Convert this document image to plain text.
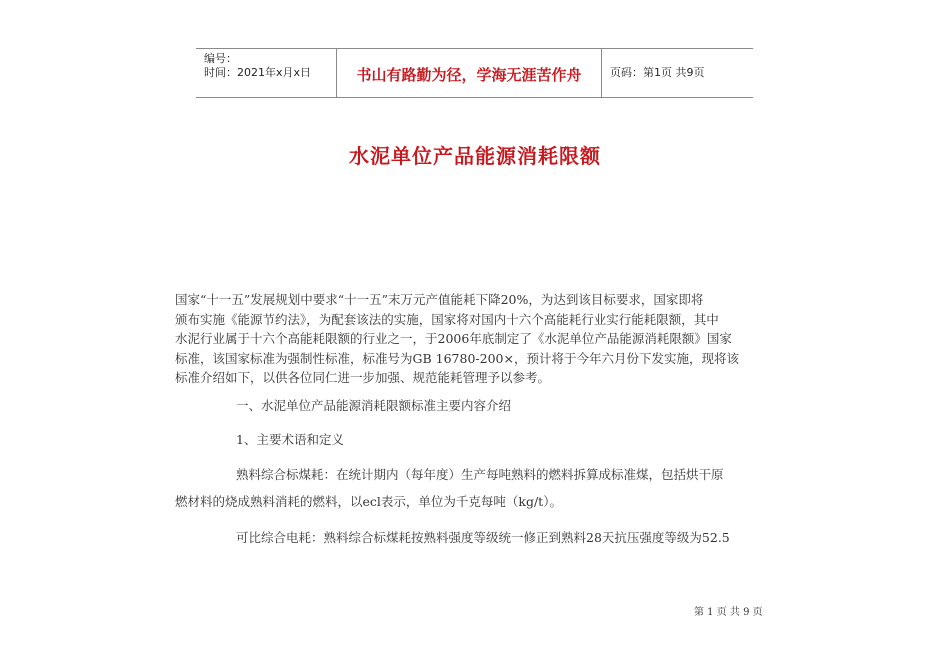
编号：
时间：2021年x月x日	书山有路勤为径，学海无涯苦作舟	页码：第1页 共9页
水泥单位产品能源消耗限额
国家“十一五”发展规划中要求“十一五”末万元产值能耗下降20%，为达到该目标要求，国家即将
颁布实施《能源节约法》，为配套该法的实施，国家将对国内十六个高能耗行业实行能耗限额，其中
水泥行业属于十六个高能耗限额的行业之一，于2006年底制定了《水泥单位产品能源消耗限额》国家
标准，该国家标准为强制性标准，标准号为GB 16780-200×，预计将于今年六月份下发实施，现将该
标准介绍如下，以供各位同仁进一步加强、规范能耗管理予以参考。
一、水泥单位产品能源消耗限额标准主要内容介绍
1、主要术语和定义
熟料综合标煤耗：在统计期内（每年度）生产每吨熟料的燃料拆算成标准煤，包括烘干原
燃材料的烧成熟料消耗的燃料，以ecl表示，单位为千克每吨（kg/t）。
可比综合电耗：熟料综合标煤耗按熟料强度等级统一修正到熟料28天抗压强度等级为52.5
第 1 页 共 9 页
